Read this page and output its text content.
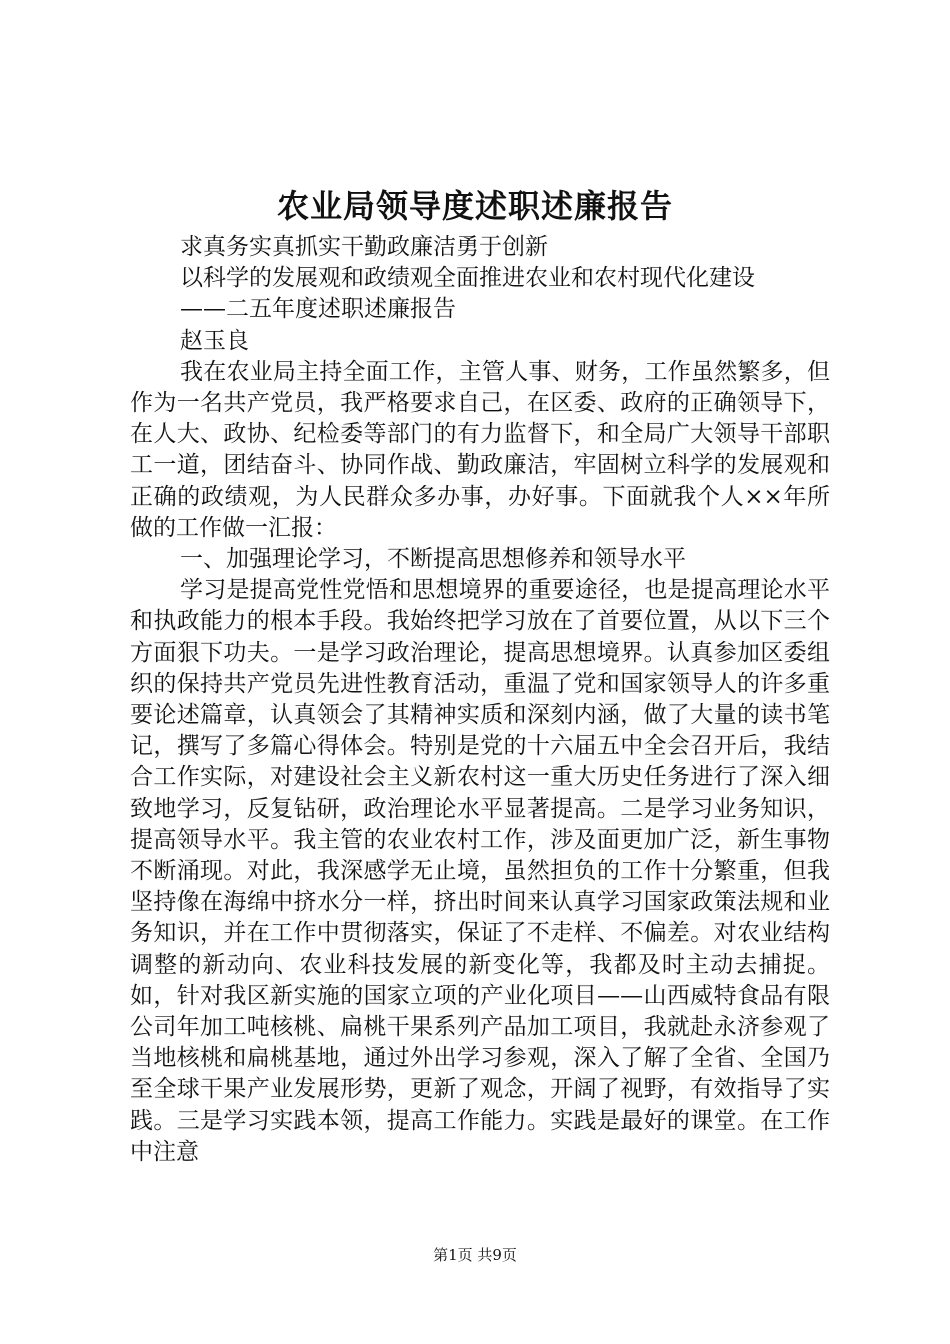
农业局领导度述职述廉报告

求真务实真抓实干勤政廉洁勇于创新

以科学的发展观和政绩观全面推进农业和农村现代化建设

——二五年度述职述廉报告

赵玉良

我在农业局主持全面工作，主管人事、财务，工作虽然繁多，但作为一名共产党员，我严格要求自己，在区委、政府的正确领导下，在人大、政协、纪检委等部门的有力监督下，和全局广大领导干部职工一道，团结奋斗、协同作战、勤政廉洁，牢固树立科学的发展观和正确的政绩观，为人民群众多办事，办好事。下面就我个人××年所做的工作做一汇报：

一、加强理论学习，不断提高思想修养和领导水平

学习是提高党性党悟和思想境界的重要途径，也是提高理论水平和执政能力的根本手段。我始终把学习放在了首要位置，从以下三个方面狠下功夫。一是学习政治理论，提高思想境界。认真参加区委组织的保持共产党员先进性教育活动，重温了党和国家领导人的许多重要论述篇章，认真领会了其精神实质和深刻内涵，做了大量的读书笔记，撰写了多篇心得体会。特别是党的十六届五中全会召开后，我结合工作实际，对建设社会主义新农村这一重大历史任务进行了深入细致地学习，反复钻研，政治理论水平显著提高。二是学习业务知识，提高领导水平。我主管的农业农村工作，涉及面更加广泛，新生事物不断涌现。对此，我深感学无止境，虽然担负的工作十分繁重，但我坚持像在海绵中挤水分一样，挤出时间来认真学习国家政策法规和业务知识，并在工作中贯彻落实，保证了不走样、不偏差。对农业结构调整的新动向、农业科技发展的新变化等，我都及时主动去捕捉。如，针对我区新实施的国家立项的产业化项目——山西威特食品有限公司年加工吨核桃、扁桃干果系列产品加工项目，我就赴永济参观了当地核桃和扁桃基地，通过外出学习参观，深入了解了全省、全国乃至全球干果产业发展形势，更新了观念，开阔了视野，有效指导了实践。三是学习实践本领，提高工作能力。实践是最好的课堂。在工作中注意

第1页 共9页
